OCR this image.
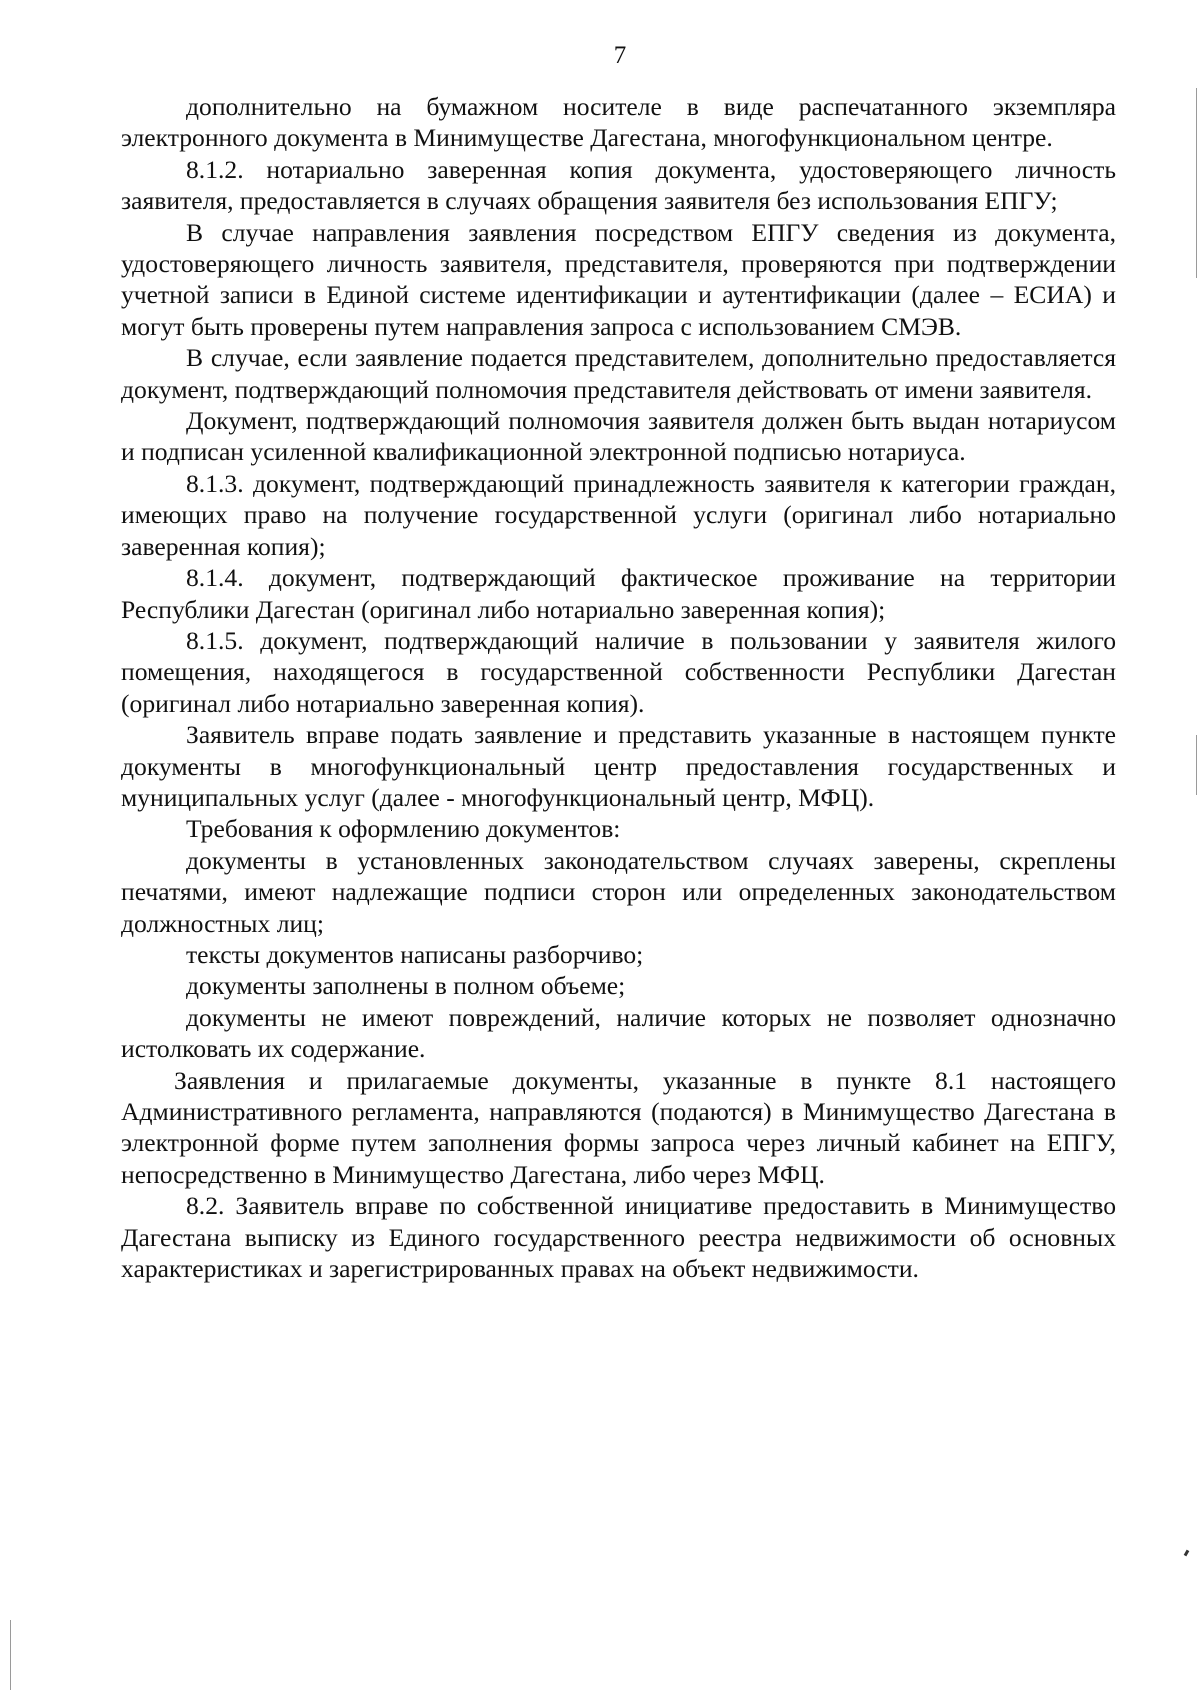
7

дополнительно на бумажном носителе в виде распечатанного экземпляра электронного документа в Минимуществе Дагестана, многофункциональном центре.

8.1.2. нотариально заверенная копия документа, удостоверяющего личность заявителя, предоставляется в случаях обращения заявителя без использования ЕПГУ;

В случае направления заявления посредством ЕПГУ сведения из документа, удостоверяющего личность заявителя, представителя, проверяются при подтверждении учетной записи в Единой системе идентификации и аутентификации (далее – ЕСИА) и могут быть проверены путем направления запроса с использованием СМЭВ.

В случае, если заявление подается представителем, дополнительно предоставляется документ, подтверждающий полномочия представителя действовать от имени заявителя.

Документ, подтверждающий полномочия заявителя должен быть выдан нотариусом и подписан усиленной квалификационной электронной подписью нотариуса.

8.1.3. документ, подтверждающий принадлежность заявителя к категории граждан, имеющих право на получение государственной услуги (оригинал либо нотариально заверенная копия);

8.1.4. документ, подтверждающий фактическое проживание на территории Республики Дагестан (оригинал либо нотариально заверенная копия);

8.1.5. документ, подтверждающий наличие в пользовании у заявителя жилого помещения, находящегося в государственной собственности Республики Дагестан (оригинал либо нотариально заверенная копия).

Заявитель вправе подать заявление и представить указанные в настоящем пункте документы в многофункциональный центр предоставления государственных и муниципальных услуг (далее - многофункциональный центр, МФЦ).

Требования к оформлению документов:

документы в установленных законодательством случаях заверены, скреплены печатями, имеют надлежащие подписи сторон или определенных законодательством должностных лиц;

тексты документов написаны разборчиво;

документы заполнены в полном объеме;

документы не имеют повреждений, наличие которых не позволяет однозначно истолковать их содержание.

Заявления и прилагаемые документы, указанные в пункте 8.1 настоящего Административного регламента, направляются (подаются) в Минимущество Дагестана в электронной форме путем заполнения формы запроса через личный кабинет на ЕПГУ, непосредственно в Минимущество Дагестана, либо через МФЦ.

8.2. Заявитель вправе по собственной инициативе предоставить в Минимущество Дагестана выписку из Единого государственного реестра недвижимости об основных характеристиках и зарегистрированных правах на объект недвижимости.
